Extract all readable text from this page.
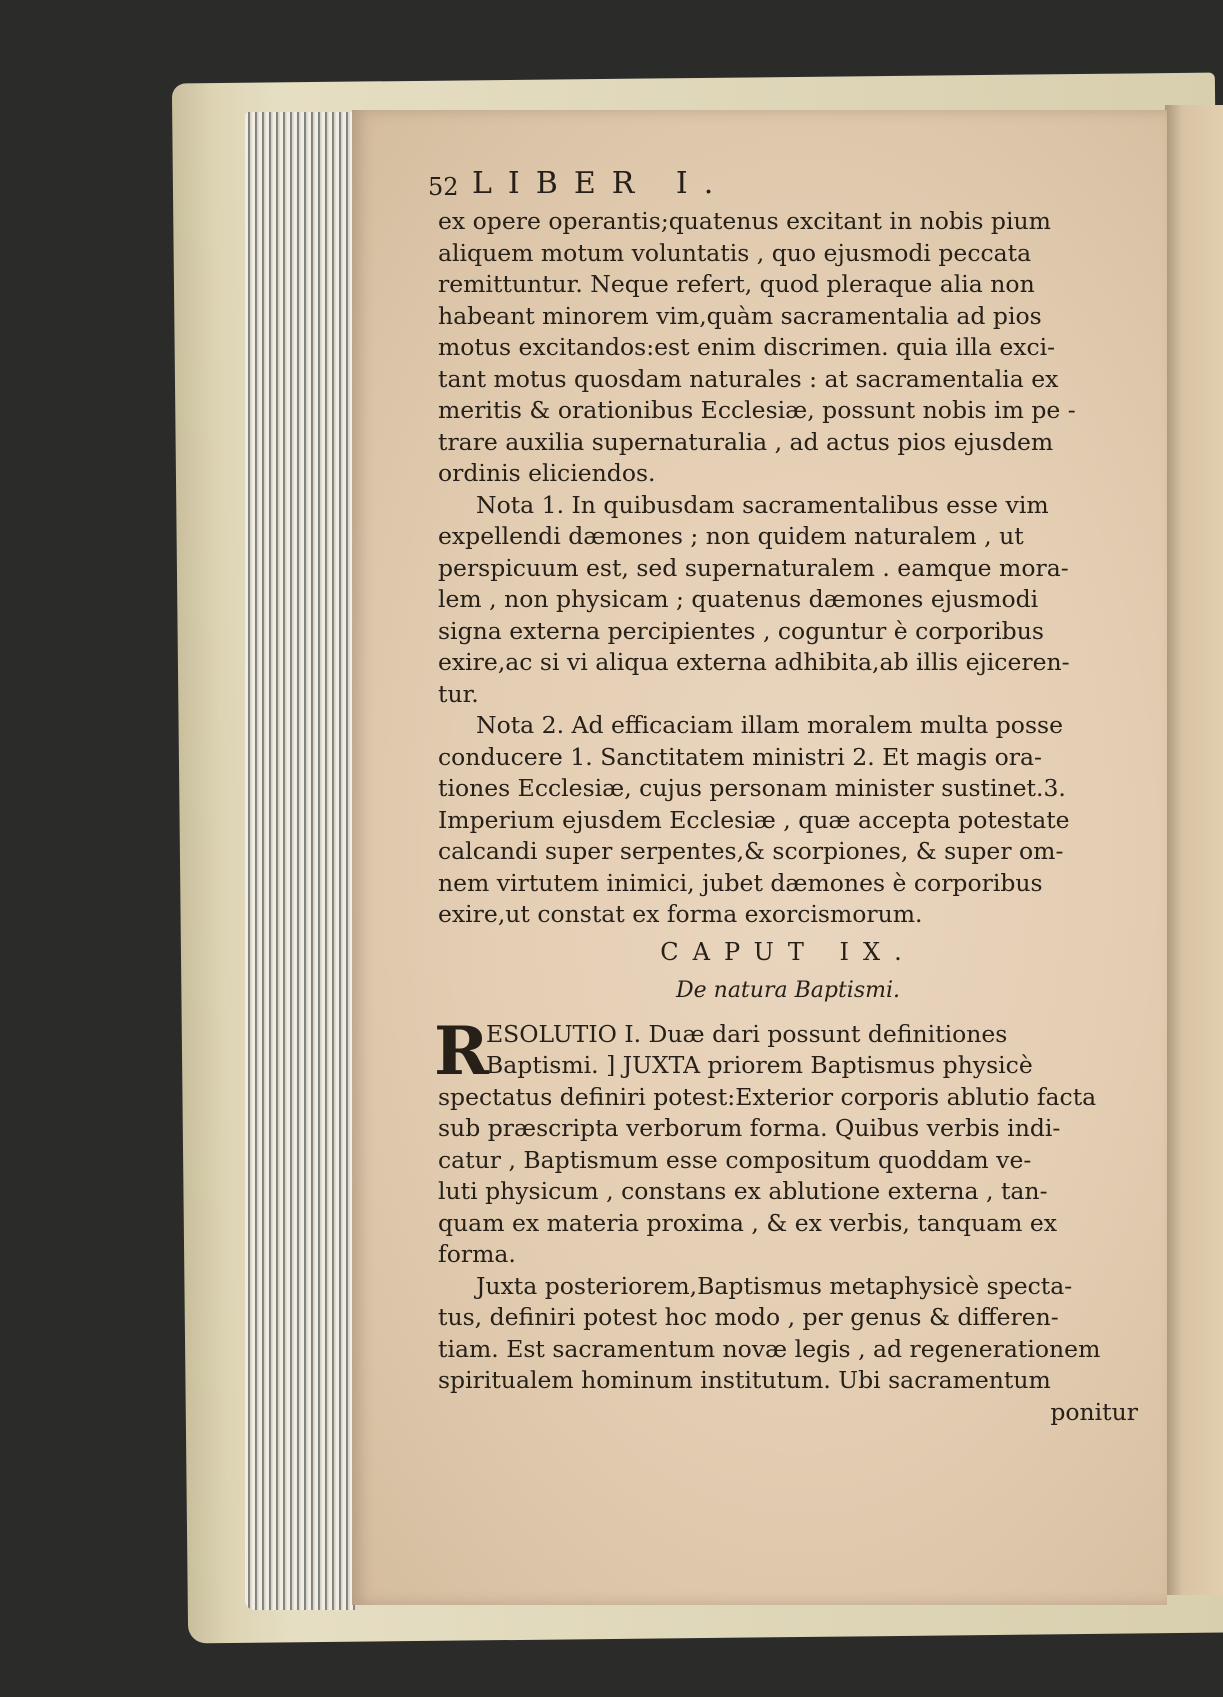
52 LIBER I.

ex opere operantis;quatenus excitant in nobis pium

aliquem motum voluntatis , quo ejusmodi peccata

remittuntur. Neque refert, quod pleraque alia non

habeant minorem vim,quàm sacramentalia ad pios

motus excitandos:est enim discrimen. quia illa exci-

tant motus quosdam naturales : at sacramentalia ex

meritis & orationibus Ecclesiæ, possunt nobis im pe -

trare auxilia supernaturalia , ad actus pios ejusdem

ordinis eliciendos.

Nota 1. In quibusdam sacramentalibus esse vim

expellendi dæmones ; non quidem naturalem , ut

perspicuum est, sed supernaturalem . eamque mora-

lem , non physicam ; quatenus dæmones ejusmodi

signa externa percipientes , coguntur è corporibus

exire,ac si vi aliqua externa adhibita,ab illis ejiceren-

tur.

Nota 2. Ad efficaciam illam moralem multa posse

conducere 1. Sanctitatem ministri 2. Et magis ora-

tiones Ecclesiæ, cujus personam minister sustinet.3.

Imperium ejusdem Ecclesiæ , quæ accepta potestate

calcandi super serpentes,& scorpiones, & super om-

nem virtutem inimici, jubet dæmones è corporibus

exire,ut constat ex forma exorcismorum.

CAPUT IX.
De natura Baptismi.
R

ESOLUTIO I. Duæ dari possunt definitiones

Baptismi. ] JUXTA priorem Baptismus physicè

spectatus definiri potest:Exterior corporis ablutio facta

sub præscripta verborum forma. Quibus verbis indi-

catur , Baptismum esse compositum quoddam ve-

luti physicum , constans ex ablutione externa , tan-

quam ex materia proxima , & ex verbis, tanquam ex

forma.

Juxta posteriorem,Baptismus metaphysicè specta-

tus, definiri potest hoc modo , per genus & differen-

tiam. Est sacramentum novæ legis , ad regenerationem

spiritualem hominum institutum. Ubi sacramentum

ponitur
